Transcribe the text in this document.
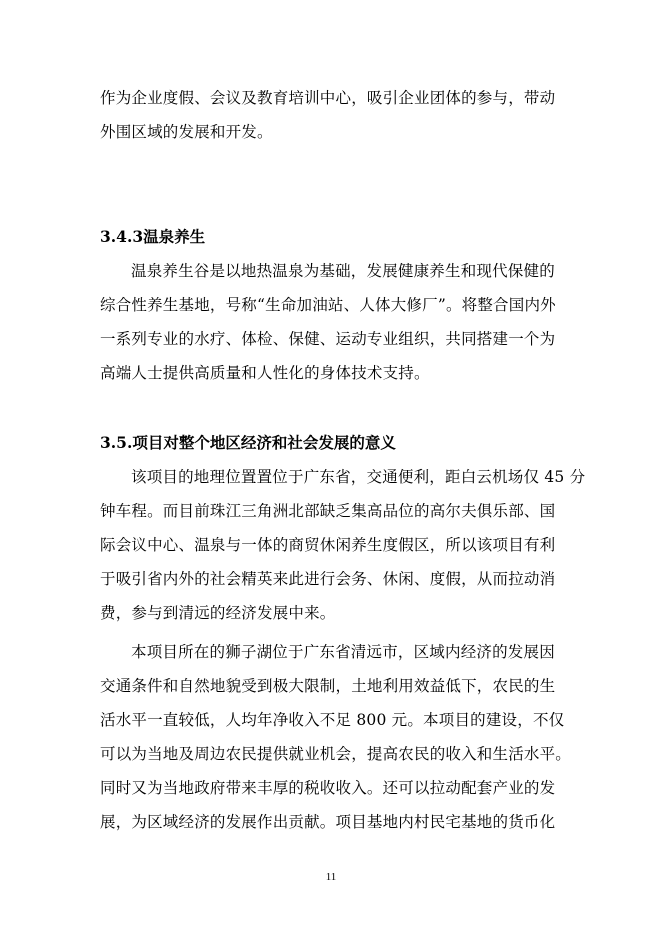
作为企业度假、会议及教育培训中心，吸引企业团体的参与，带动
外围区域的发展和开发。
3.4.3温泉养生
温泉养生谷是以地热温泉为基础，发展健康养生和现代保健的
综合性养生基地，号称“生命加油站、人体大修厂”。将整合国内外
一系列专业的水疗、体检、保健、运动专业组织，共同搭建一个为
高端人士提供高质量和人性化的身体技术支持。
3.5.项目对整个地区经济和社会发展的意义
该项目的地理位置置位于广东省，交通便利，距白云机场仅 45 分
钟车程。而目前珠江三角洲北部缺乏集高品位的高尔夫俱乐部、国
际会议中心、温泉与一体的商贸休闲养生度假区，所以该项目有利
于吸引省内外的社会精英来此进行会务、休闲、度假，从而拉动消
费，参与到清远的经济发展中来。
本项目所在的狮子湖位于广东省清远市，区域内经济的发展因
交通条件和自然地貌受到极大限制，土地利用效益低下，农民的生
活水平一直较低，人均年净收入不足 800 元。本项目的建设，不仅
可以为当地及周边农民提供就业机会，提高农民的收入和生活水平。
同时又为当地政府带来丰厚的税收收入。还可以拉动配套产业的发
展，为区域经济的发展作出贡献。项目基地内村民宅基地的货币化
11
